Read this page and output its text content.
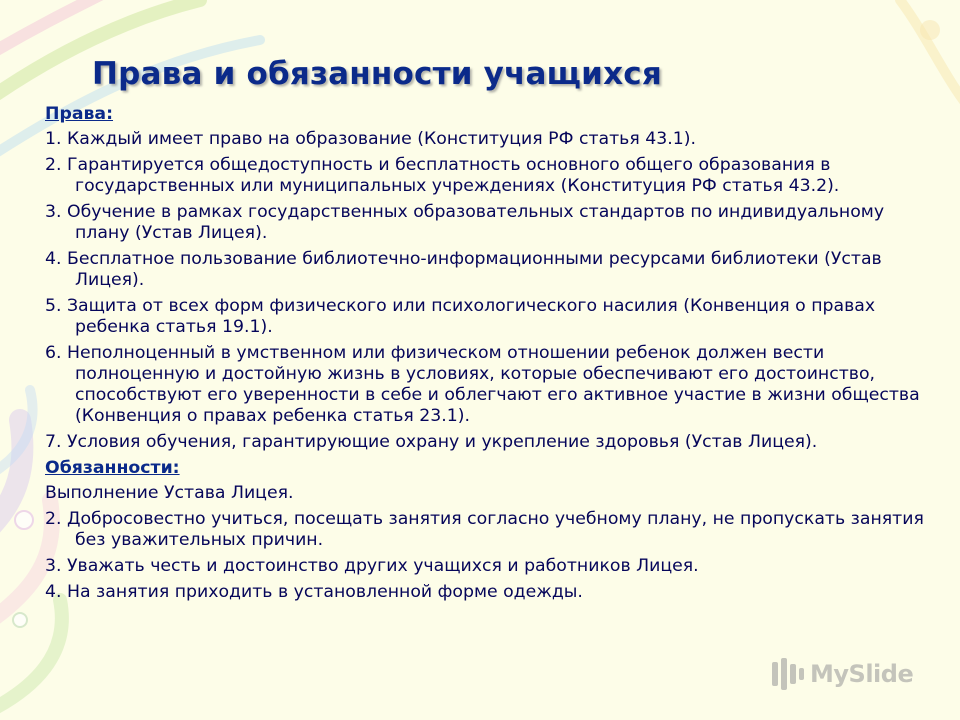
Права и обязанности учащихся
Права:
1. Каждый имеет право на образование (Конституция РФ статья 43.1).
2. Гарантируется общедоступность и бесплатность основного общего образования в государственных или муниципальных учреждениях (Конституция РФ статья 43.2).
3. Обучение в рамках государственных образовательных стандартов по индивидуальному плану (Устав Лицея).
4. Бесплатное пользование библиотечно-информационными ресурсами библиотеки (Устав Лицея).
5. Защита от всех форм физического или психологического насилия (Конвенция о правах ребенка статья 19.1).
6. Неполноценный в умственном или физическом отношении ребенок должен вести полноценную и достойную жизнь в условиях, которые обеспечивают его достоинство, способствуют его уверенности в себе и облегчают его активное участие в жизни общества (Конвенция о правах ребенка статья 23.1).
7. Условия обучения, гарантирующие охрану и укрепление здоровья (Устав Лицея).
Обязанности:
Выполнение Устава Лицея.
2. Добросовестно учиться, посещать занятия согласно учебному плану, не пропускать занятия без уважительных причин.
3. Уважать честь и достоинство других учащихся и работников Лицея.
4. На занятия приходить в установленной форме одежды.
MySlide
